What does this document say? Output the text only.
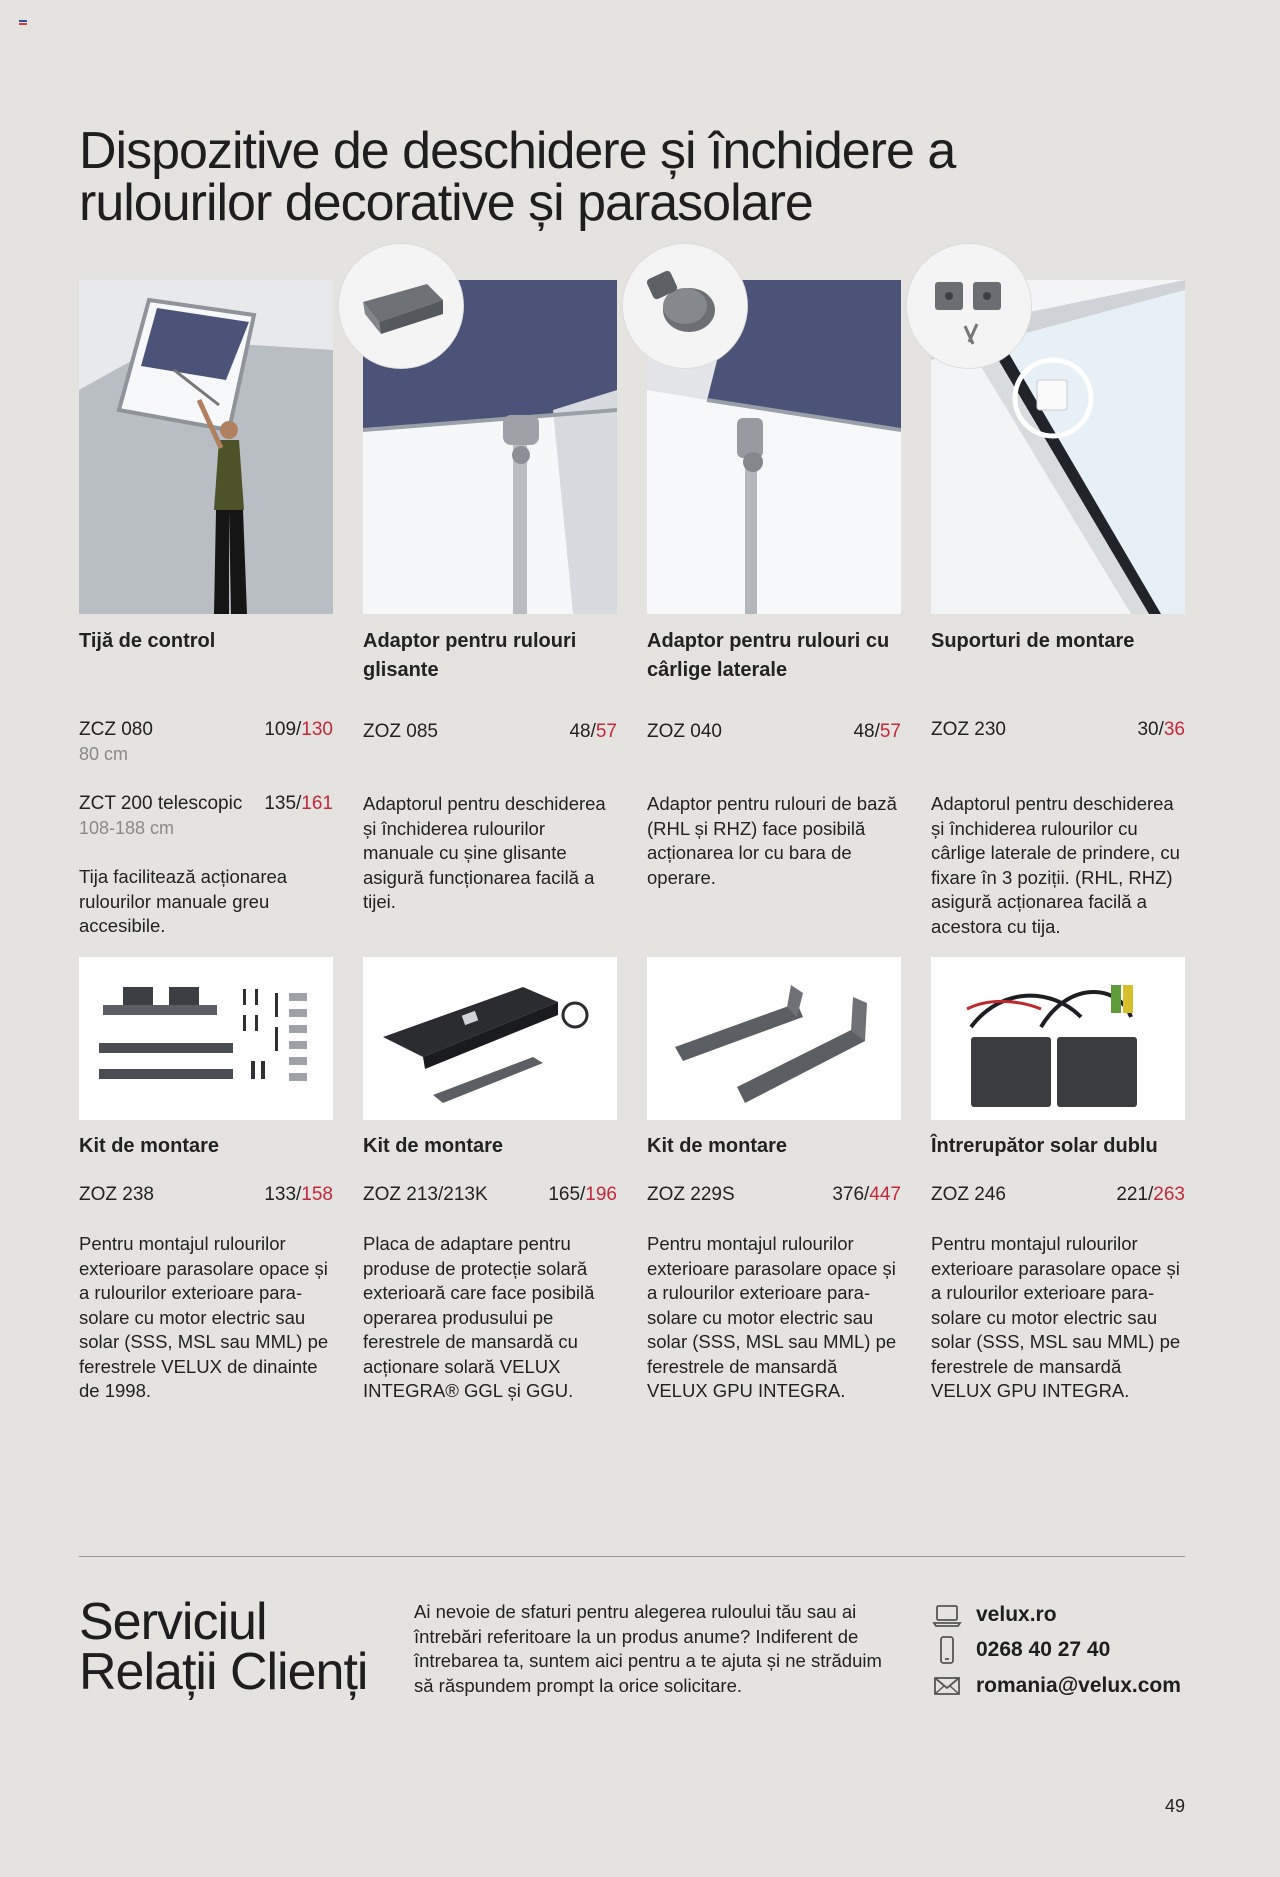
Dispozitive de deschidere și închidere a
rulourilor decorative și parasolare
Tijă de control
ZCZ 080	109/130
80 cm
ZCT 200 telescopic 135/161
108-188 cm
Tija facilitează acționarea rulourilor manuale greu accesibile.
Adaptor pentru rulouri glisante
ZOZ 085	48/57
Adaptorul pentru deschiderea și închiderea rulourilor manuale cu șine glisante asigură funcționarea facilă a tijei.
Adaptor pentru rulouri cu cârlige laterale
ZOZ 040	48/57
Adaptor pentru rulouri de bază (RHL și RHZ) face posibilă acționarea lor cu bara de operare.
Suporturi de montare
ZOZ 230	30/36
Adaptorul pentru deschiderea și închiderea rulourilor cu cârlige laterale de prindere, cu fixare în 3 poziții. (RHL, RHZ) asigură acționarea facilă a acestora cu tija.
Kit de montare
ZOZ 238	133/158
Pentru montajul rulourilor exterioare parasolare opace și a rulourilor exterioare para-solare cu motor electric sau solar (SSS, MSL sau MML) pe ferestrele VELUX de dinainte de 1998.
Kit de montare
ZOZ 213/213K	165/196
Placa de adaptare pentru produse de protecție solară exterioară care face posibilă operarea produsului pe ferestrele de mansardă cu acționare solară VELUX INTEGRA® GGL și GGU.
Kit de montare
ZOZ 229S	376/447
Pentru montajul rulourilor exterioare parasolare opace și a rulourilor exterioare para-solare cu motor electric sau solar (SSS, MSL sau MML) pe ferestrele de mansardă VELUX GPU INTEGRA.
Întrerupător solar dublu
ZOZ 246	221/263
Pentru montajul rulourilor exterioare parasolare opace și a rulourilor exterioare para-solare cu motor electric sau solar (SSS, MSL sau MML) pe ferestrele de mansardă VELUX GPU INTEGRA.
Serviciul
Relații Clienți
Ai nevoie de sfaturi pentru alegerea ruloului tău sau ai întrebări referitoare la un produs anume? Indiferent de întrebarea ta, suntem aici pentru a te ajuta și ne străduim să răspundem prompt la orice solicitare.
velux.ro
0268 40 27 40
romania@velux.com
49
